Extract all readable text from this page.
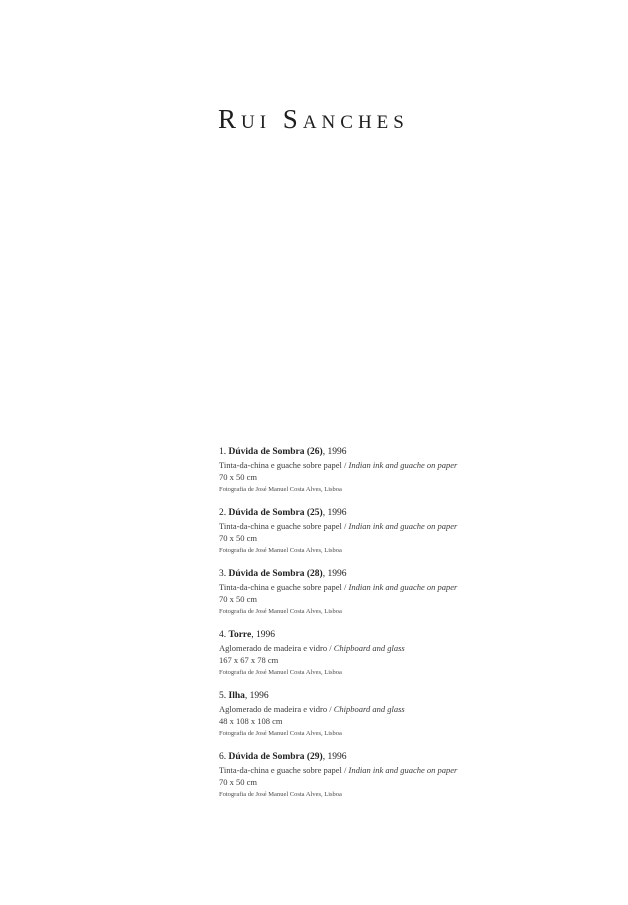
Rui Sanches
1. Dúvida de Sombra (26), 1996
Tinta-da-china e guache sobre papel / Indian ink and guache on paper
70 x 50 cm
Fotografia de José Manuel Costa Alves, Lisboa
2. Dúvida de Sombra (25), 1996
Tinta-da-china e guache sobre papel / Indian ink and guache on paper
70 x 50 cm
Fotografia de José Manuel Costa Alves, Lisboa
3. Dúvida de Sombra (28), 1996
Tinta-da-china e guache sobre papel / Indian ink and guache on paper
70 x 50 cm
Fotografia de José Manuel Costa Alves, Lisboa
4. Torre, 1996
Aglomerado de madeira e vidro / Chipboard and glass
167 x 67 x 78 cm
Fotografia de José Manuel Costa Alves, Lisboa
5. Ilha, 1996
Aglomerado de madeira e vidro / Chipboard and glass
48 x 108 x 108 cm
Fotografia de José Manuel Costa Alves, Lisboa
6. Dúvida de Sombra (29), 1996
Tinta-da-china e guache sobre papel / Indian ink and guache on paper
70 x 50 cm
Fotografia de José Manuel Costa Alves, Lisboa
